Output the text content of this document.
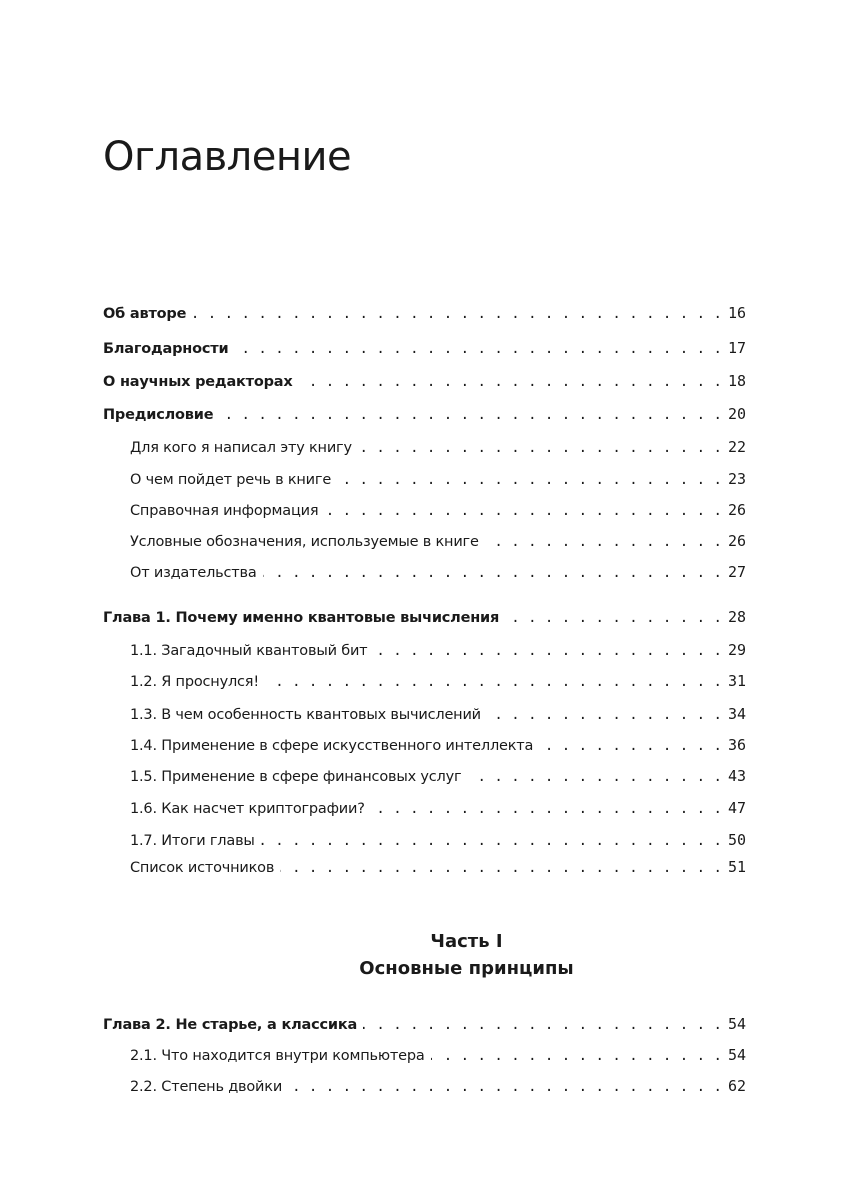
Оглавление
Об авторе . . .	16
Благодарности . . .	17
О научных редакторах . . .	18
Предисловие . . .	20
Для кого я написал эту книгу . . .	22
О чем пойдет речь в книге . . .	23
Справочная информация . . .	26
Условные обозначения, используемые в книге . . .	26
От издательства . . .	27
Глава 1. Почему именно квантовые вычисления . . .	28
1.1. Загадочный квантовый бит . . .	29
1.2. Я проснулся! . . .	31
1.3. В чем особенность квантовых вычислений . . .	34
1.4. Применение в сфере искусственного интеллекта . . .	36
1.5. Применение в сфере финансовых услуг . . .	43
1.6. Как насчет криптографии? . . .	47
1.7. Итоги главы . . .	50
Список источников . . .	51
Глава 2. Не старье, а классика . . .	54
2.1. Что находится внутри компьютера . . .	54
2.2. Степень двойки . . .	62
Часть I
Основные принципы
